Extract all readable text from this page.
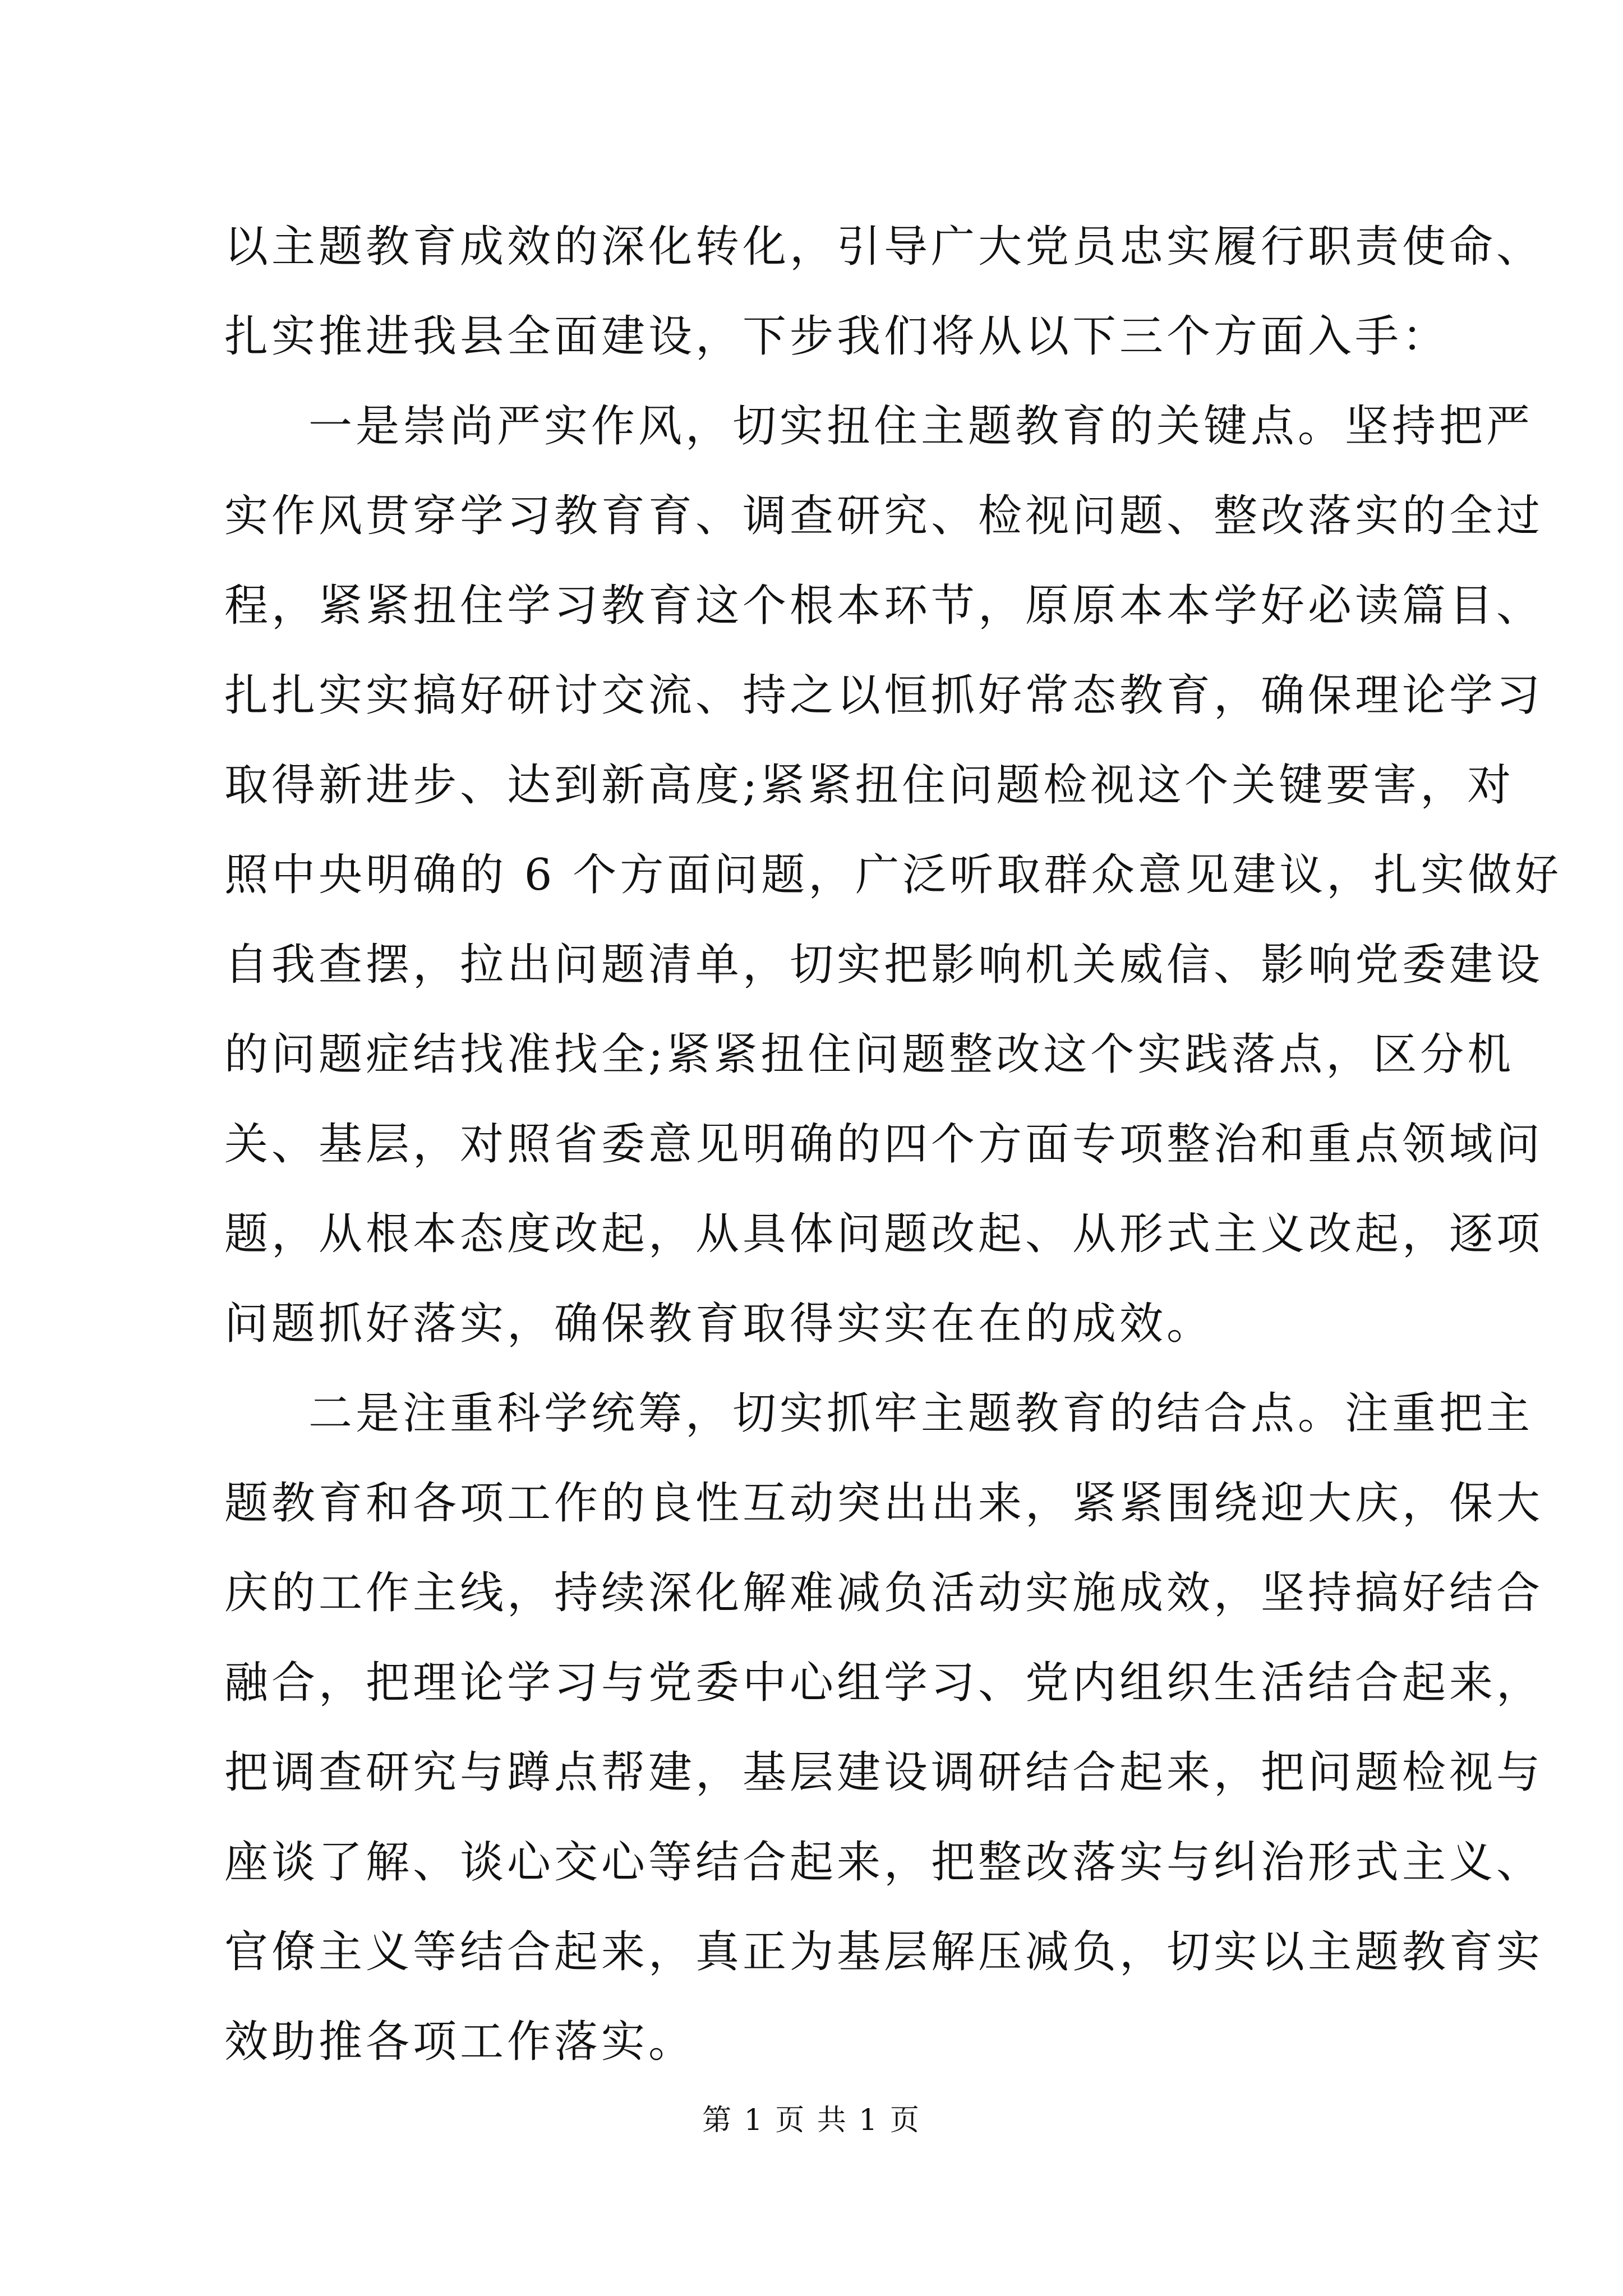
以主题教育成效的深化转化，引导广大党员忠实履行职责使命、
扎实推进我县全面建设，下步我们将从以下三个方面入手：
一是崇尚严实作风，切实扭住主题教育的关键点。坚持把严
实作风贯穿学习教育育、调查研究、检视问题、整改落实的全过
程，紧紧扭住学习教育这个根本环节，原原本本学好必读篇目、
扎扎实实搞好研讨交流、持之以恒抓好常态教育，确保理论学习
取得新进步、达到新高度;紧紧扭住问题检视这个关键要害，对
照中央明确的 6 个方面问题，广泛听取群众意见建议，扎实做好
自我查摆，拉出问题清单，切实把影响机关威信、影响党委建设
的问题症结找准找全;紧紧扭住问题整改这个实践落点，区分机
关、基层，对照省委意见明确的四个方面专项整治和重点领域问
题，从根本态度改起，从具体问题改起、从形式主义改起，逐项
问题抓好落实，确保教育取得实实在在的成效。
二是注重科学统筹，切实抓牢主题教育的结合点。注重把主
题教育和各项工作的良性互动突出出来，紧紧围绕迎大庆，保大
庆的工作主线，持续深化解难减负活动实施成效，坚持搞好结合
融合，把理论学习与党委中心组学习、党内组织生活结合起来，
把调查研究与蹲点帮建，基层建设调研结合起来，把问题检视与
座谈了解、谈心交心等结合起来，把整改落实与纠治形式主义、
官僚主义等结合起来，真正为基层解压减负，切实以主题教育实
效助推各项工作落实。
第 1 页 共 1 页
